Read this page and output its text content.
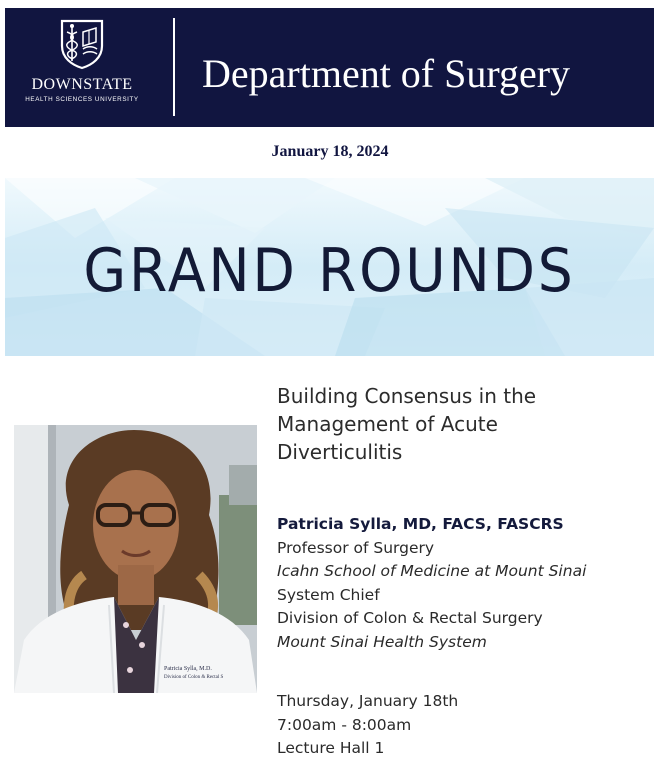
DOWNSTATE
HEALTH SCIENCES UNIVERSITY
Department of Surgery
January 18, 2024
GRAND ROUNDS
Patricia Sylla, M.D.
Division of Colon & Rectal S
Building Consensus in the
Management of Acute
Diverticulitis
Patricia Sylla, MD, FACS, FASCRS
Professor of Surgery
Icahn School of Medicine at Mount Sinai
System Chief
Division of Colon & Rectal Surgery
Mount Sinai Health System
Thursday, January 18th
7:00am - 8:00am
Lecture Hall 1
